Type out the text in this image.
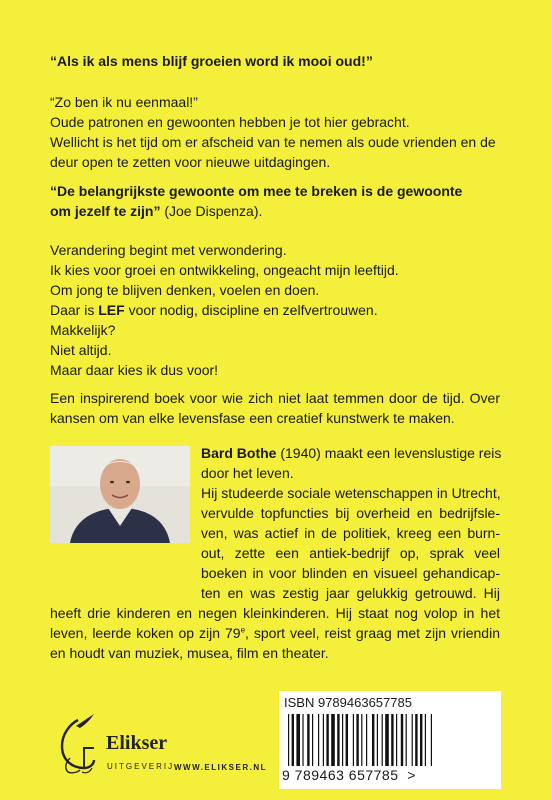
“Als ik als mens blijf groeien word ik mooi oud!”
“Zo ben ik nu eenmaal!”
Oude patronen en gewoonten hebben je tot hier gebracht.
Wellicht is het tijd om er afscheid van te nemen als oude vrienden en de
deur open te zetten voor nieuwe uitdagingen.
“De belangrijkste gewoonte om mee te breken is de gewoonte
om jezelf te zijn” (Joe Dispenza).
Verandering begint met verwondering.
Ik kies voor groei en ontwikkeling, ongeacht mijn leeftijd.
Om jong te blijven denken, voelen en doen.
Daar is LEF voor nodig, discipline en zelfvertrouwen.
Makkelijk?
Niet altijd.
Maar daar kies ik dus voor!
Een inspirerend boek voor wie zich niet laat temmen door de tijd. Over
kansen om van elke levensfase een creatief kunstwerk te maken.
Bard Bothe (1940) maakt een levenslustige reis
door het leven.
Hij studeerde sociale wetenschappen in Utrecht,
vervulde topfuncties bij overheid en bedrijfsle-
ven, was actief in de politiek, kreeg een burn-
out, zette een antiek-bedrijf op, sprak veel
boeken in voor blinden en visueel gehandicap-
ten en was zestig jaar gelukkig getrouwd. Hij
heeft drie kinderen en negen kleinkinderen. Hij staat nog volop in het
leven, leerde koken op zijn 79e, sport veel, reist graag met zijn vriendin
en houdt van muziek, musea, film en theater.
Elikser
UITGEVERIJ WWW.ELIKSER.NL
ISBN 9789463657785
9 789463 657785 >
